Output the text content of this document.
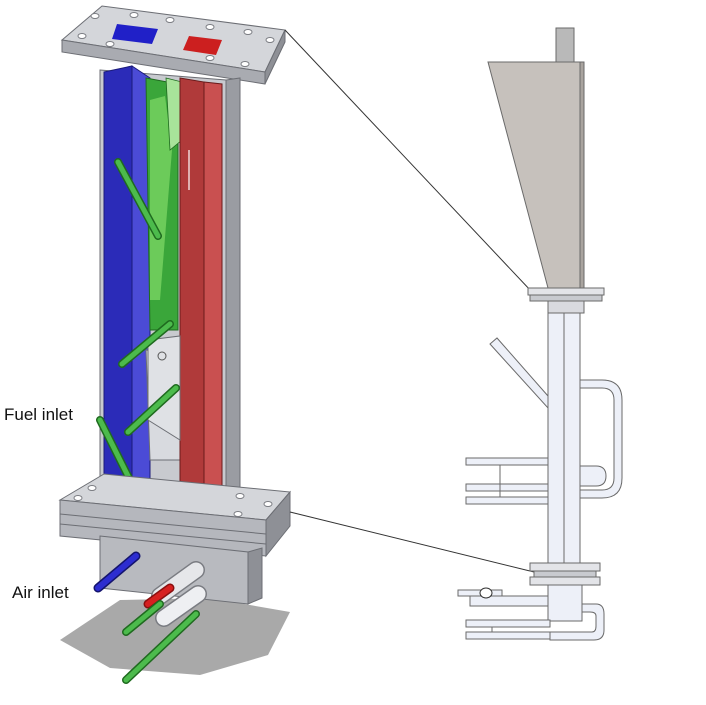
Fuel inlet
Air inlet
